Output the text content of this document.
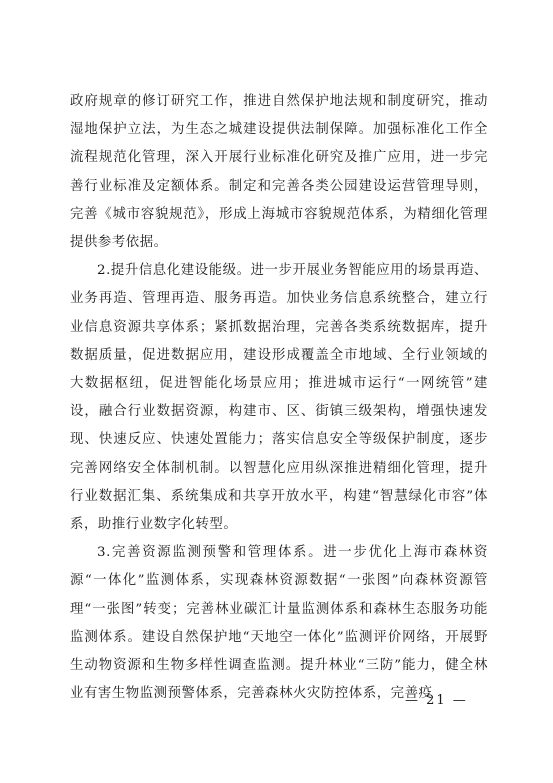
政府规章的修订研究工作，推进自然保护地法规和制度研究，推动湿地保护立法，为生态之城建设提供法制保障。加强标准化工作全流程规范化管理，深入开展行业标准化研究及推广应用，进一步完善行业标准及定额体系。制定和完善各类公园建设运营管理导则，完善《城市容貌规范》，形成上海城市容貌规范体系，为精细化管理提供参考依据。

2.提升信息化建设能级。进一步开展业务智能应用的场景再造、业务再造、管理再造、服务再造。加快业务信息系统整合，建立行业信息资源共享体系；紧抓数据治理，完善各类系统数据库，提升数据质量，促进数据应用，建设形成覆盖全市地域、全行业领域的大数据枢纽，促进智能化场景应用；推进城市运行“一网统管”建设，融合行业数据资源，构建市、区、街镇三级架构，增强快速发现、快速反应、快速处置能力；落实信息安全等级保护制度，逐步完善网络安全体制机制。以智慧化应用纵深推进精细化管理，提升行业数据汇集、系统集成和共享开放水平，构建“智慧绿化市容”体系，助推行业数字化转型。

3.完善资源监测预警和管理体系。进一步优化上海市森林资源“一体化”监测体系，实现森林资源数据“一张图”向森林资源管理“一张图”转变；完善林业碳汇计量监测体系和森林生态服务功能监测体系。建设自然保护地“天地空一体化”监测评价网络，开展野生动物资源和生物多样性调查监测。提升林业“三防”能力，健全林业有害生物监测预警体系，完善森林火灾防控体系，完善疫

— 21 —
